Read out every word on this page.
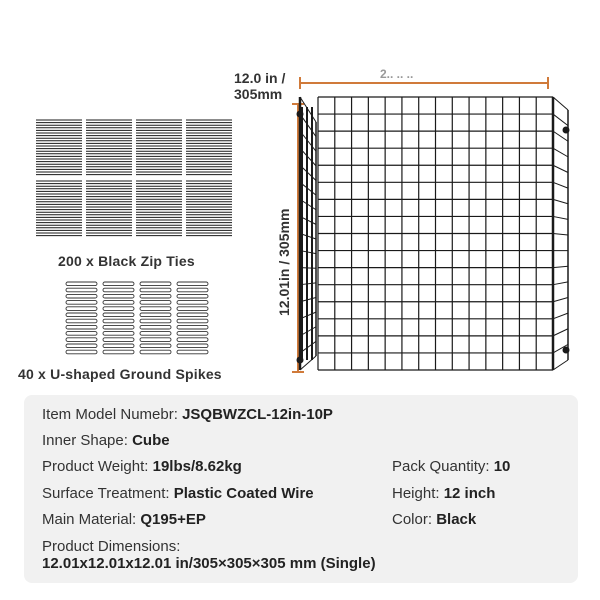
12.0 in /
305mm
2.. .. ..
12.01in / 305mm
200 x Black Zip Ties
40 x U-shaped Ground Spikes
Item Model Numebr: JSQBWZCL-12in-10P
Inner Shape: Cube
Product Weight: 19lbs/8.62kg	Pack Quantity: 10
Surface Treatment: Plastic Coated Wire	Height: 12 inch
Main Material: Q195+EP	Color: Black
Product Dimensions:
12.01x12.01x12.01 in/305×305×305 mm (Single)
